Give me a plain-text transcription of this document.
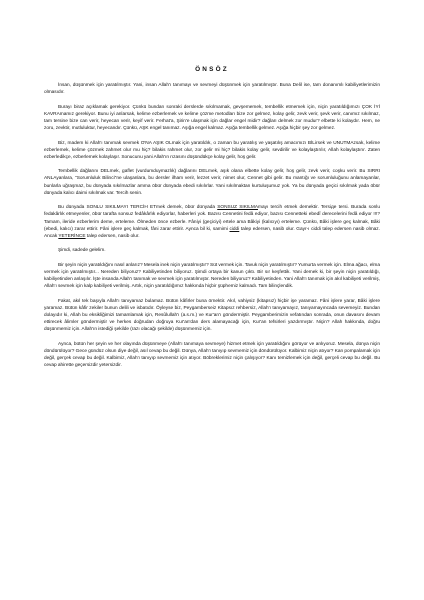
ÖNSÖZ

İnsan, düşünmek için yaratılmıştır. Yani, insan Allah'ı tanımayı ve sevmeyi düşünmek için yaratılmıştır. Buna Delil ise, tam donanımlı kabiliyetlerimizin olmasıdır.

Burayı biraz açıklamak gerekiyor. Çünkü bundan sonraki derslerde sıkılmamak, gevşememek, tembellik etmemek için, niçin yaratıldığımızı ÇOK İYİ KAVRAmamız gerekiyor. Bunu iyi anlarsak, kelime ezberlemek ve kelime çözme metodları bize zor gelmez, kolay gelir, zevk verir, şevk verir, canımız sıkılmaz, tam tersine bize can verir, heyecan verir, keyif verir. Ferhat'a, Şirin'e ulaşmak için dağlar engel midir? dağları delmek zor mudur? elbette ki kolaydır. Hem, ne zoru, zevktir, mutluluktur, heyecandır. Çünkü, AŞK engel tanımaz. Aşığa engel kalmaz. Aşığa tembellik gelmez. Aşığa hiçbir şey zor gelmez.

Biz, madem ki Allah'ı tanımak sevmek O'NA AŞIK OLmak için yaratıldık, o zaman bu yaratılış ve yaşatılış amacımızı BİLirsek ve UNUTMAzsak, kelime ezberlemek, kelime çözmek zahmet olur mu hiç? bilakis rahmet olur, zor gelir mi hiç? bilakis kolay gelir, sevdirilir ve kolaylaştırılır, Allah kolaylaştırır. Zaten ezberledikçe, ezberlemek kolaylaşır. Sonucunu yani Allah'ın rızasını düşündükçe kolay gelir, hoş gelir.

Tembellik dağlarını DELmek, gaflet (vurdumduymazlık) dağlarını DELmek, aşık olana elbette kolay gelir, hoş gelir, zevk verir, coşku verir. Bu SIRRI ANLAyanlara, "Sorumluluk Bilinci"ne ulaşanlara, bu dersler ilham verir, lezzet verir, nimet olur, Cennet gibi gelir. Bu mantığı ve sorumluluğunu anlamayanlar, bunlarla uğraşmaz, bu dünyada sıkılmazlar amma öbür dünyada ebedi sıkılırlar. Yani sıkılmaktan kurtuluşumuz yok. Ya bu dünyada geçici sıkılmak yada öbür dünyada kalıcı daimi sıkılmak var. Tercih senin.

Bu dünyada SONLU SIKILMAYI TERCİH ETmek demek, öbür dünyada SONSUZ SIKILMAmayı tercih etmek demektir. Tersiде tersi. Burada sonlu fedakârlık etmeyenler, öbür tarafta sonsuz fedâkârlık ediyorlar, haberleri yok. Bazısı Cennetini fedâ ediyor, bazısı Cennetteki ebedî derecelerini fedâ ediyor !!!? Tamam, ileride ezberlerim deme, erteleme. Ölmeden önce ezberle. Fâniyi (geçiciyi) ertele ama Bâkiyi (kalıcıyı) erteleme. Çünkü, Bâki işlere geç kalmak, Bâki (ebedi, kalıcı) zarar ettirir. Fâni işlere geç kalmak, fâni zarar ettirir. Aynca bil ki, samimi ciddi talep edersen, nasib olur. Gayr-ı ciddi talep edersen nasib olmaz. Ancak YETERİNCE talep edersen, nasib olur.

Şimdi, sadede gelelim.

Bir şeyin niçin yaratıldığını nasıl anlarız? Mesela inek niçin yaratılmıştır? Süt vermek için. Tavuk niçin yaratılmıştır? Yumurta vermek için. Elma ağacı, elma vermek için yaratılmıştır... Nereden biliyoruz? Kabiliyetinden biliyoruz. Şimdi ortaya bir kanun çıktı. Bir sır keşfettik. Yani demek ki, bir şeyin niçin yaratıldığı, kabiliyetinden anlaşılır. İşte insanda Allah'ı tanımak ve sevmek için yaratılmıştır. Nereden biliyoruz? Kabiliyetinden. Yani Allah'ı tanımak için akıl kabiliyeti verilmiş, Allah'ı sevmek için kalp kabiliyeti verilmiş. Artık, niçin yaratıldığımız hakkında hiçbir şüphemiz kalmadı. Tam bilinçlendik.

Fakat, akıl tek başıyla Allah'ı tanıyamaz bulamaz. Bütün kâfirler buna örnektir. Akıl, vahiysiz (kitapsız) hiçbir işe yaramaz. Fâni işlere yarar, Bâki işlere yaramaz. Bütün kâfir zekiler bunun delili ve isbatıdır. Öyleyse biz, Peygamberseiz Kitapsız rehbersiz, Allah'ı tanıyamayız, tanıyamayıncada sevemeyiz. Bundan dolayıdır ki, Allah bu eksikliğimizi tamamlamak için, Resûlullah'ı (a.s.m.) ve Kur'an'ı göndermiştir. Peygamberimizin vefatından sonrada, onun davasını devam ettirecek âlimler göndermiştir ve herkes doğrudan doğruya Kur'an'dan ders alamayacağı için, Kur'an tefsirleri yazdırmıştır. Niçin? Allah hakkında, doğru düşünmemiz için. Allah'ın istediği şekilde (razı olacağı şekilde) düşünmemiz için.

Aynca, bütün her şeyin ve her olayında düşünmeye (Allah'ı tanımaya sevmeye) hizmet etmek için yaratıldığını görüyor ve anlıyoruz. Mesela, dünya niçin döndürülüyor? Gece gündüz olsun diye değil, asıl cevap bu değil. Dünya, Allah'ı tanıyıp sevmemiz için döndürülüyor. Kalbimiz niçin atıyor? Kan pompalamak için değil, gerçek cevap bu değil. Kalbimiz, Allah'ı tanıyıp sevmemiz için atıyor. Böbreklerimiz niçin çalışıyor? Kanı temizlemek için değil, gerçeli cevap bu değil. Bu cevap ahirette geçersizdir yetersizdir.
